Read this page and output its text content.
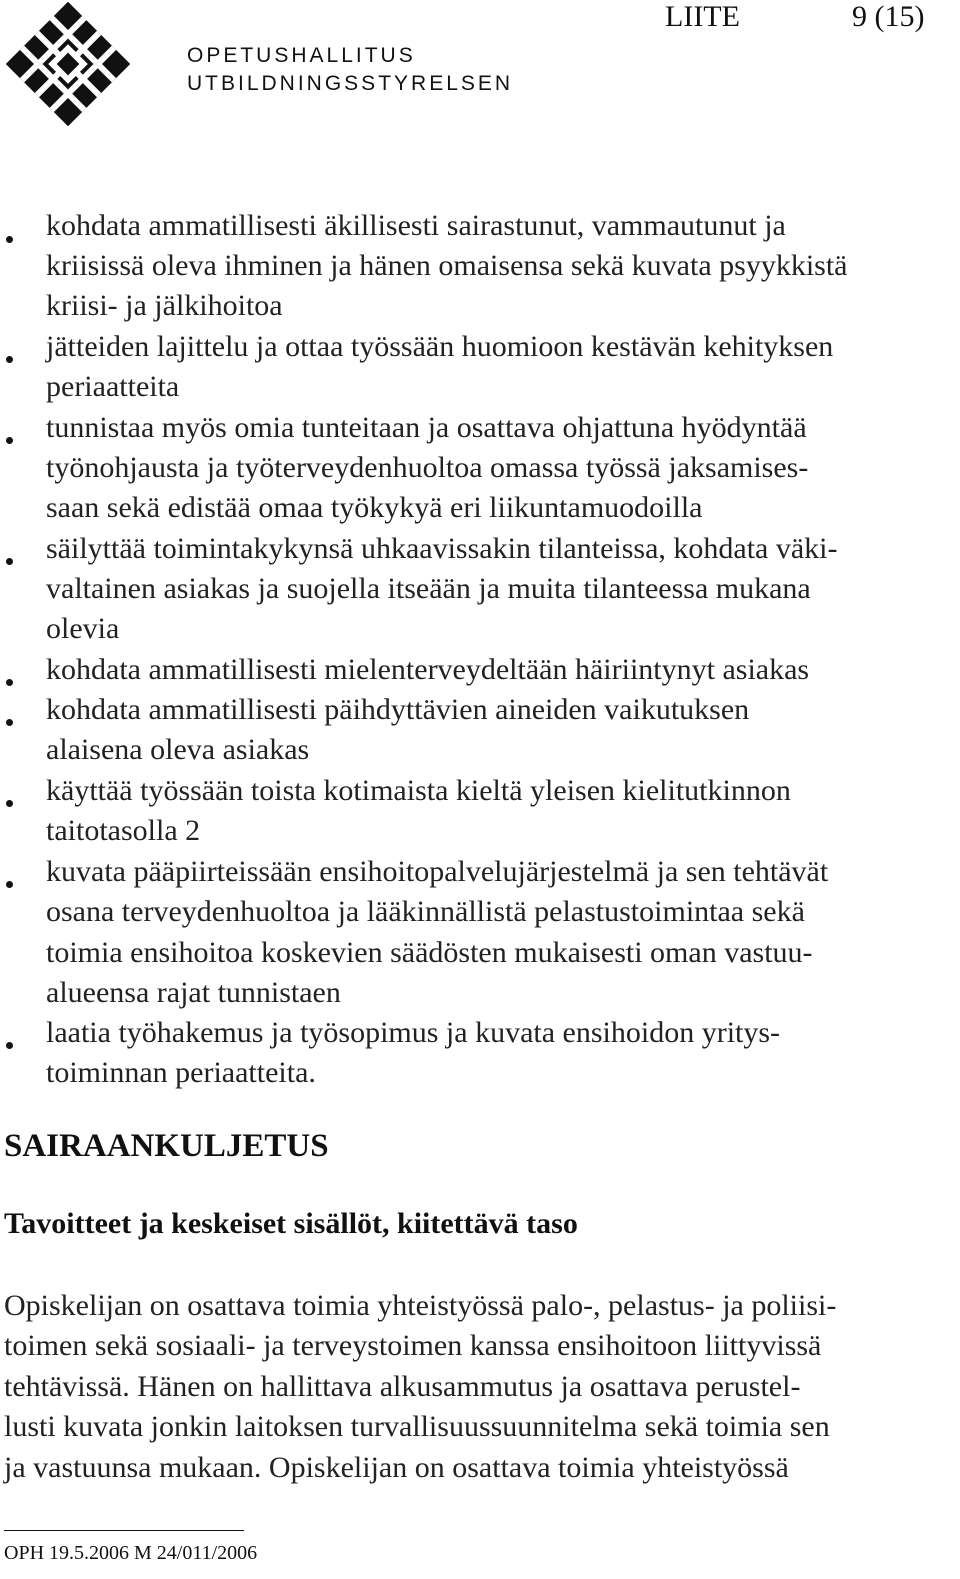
OPETUSHALLITUS
UTBILDNINGSSTYRELSEN
LIITE	9 (15)
kohdata ammatillisesti äkillisesti sairastunut, vammautunut ja
kriisissä oleva ihminen ja hänen omaisensa sekä kuvata psyykkistä
kriisi- ja jälkihoitoa
jätteiden lajittelu ja ottaa työssään huomioon kestävän kehityksen
periaatteita
tunnistaa myös omia tunteitaan ja osattava ohjattuna hyödyntää
työnohjausta ja työterveydenhuoltoa omassa työssä jaksamises-
saan sekä edistää omaa työkykyä eri liikuntamuodoilla
säilyttää toimintakykynsä uhkaavissakin tilanteissa, kohdata väki-
valtainen asiakas ja suojella itseään ja muita tilanteessa mukana
olevia
kohdata ammatillisesti mielenterveydeltään häiriintynyt asiakas
kohdata ammatillisesti päihdyttävien aineiden vaikutuksen
alaisena oleva asiakas
käyttää työssään toista kotimaista kieltä yleisen kielitutkinnon
taitotasolla 2
kuvata pääpiirteissään ensihoitopalvelujärjestelmä ja sen tehtävät
osana terveydenhuoltoa ja lääkinnällistä pelastustoimintaa sekä
toimia ensihoitoa koskevien säädösten mukaisesti oman vastuu-
alueensa rajat tunnistaen
laatia työhakemus ja työsopimus ja kuvata ensihoidon yritys-
toiminnan periaatteita.
SAIRAANKULJETUS
Tavoitteet ja keskeiset sisällöt, kiitettävä taso
Opiskelijan on osattava toimia yhteistyössä palo-, pelastus- ja poliisi-
toimen sekä sosiaali- ja terveystoimen kanssa ensihoitoon liittyvissä
tehtävissä. Hänen on hallittava alkusammutus ja osattava perustel-
lusti kuvata jonkin laitoksen turvallisuussuunnitelma sekä toimia sen
ja vastuunsa mukaan. Opiskelijan on osattava toimia yhteistyössä
OPH 19.5.2006 M 24/011/2006
